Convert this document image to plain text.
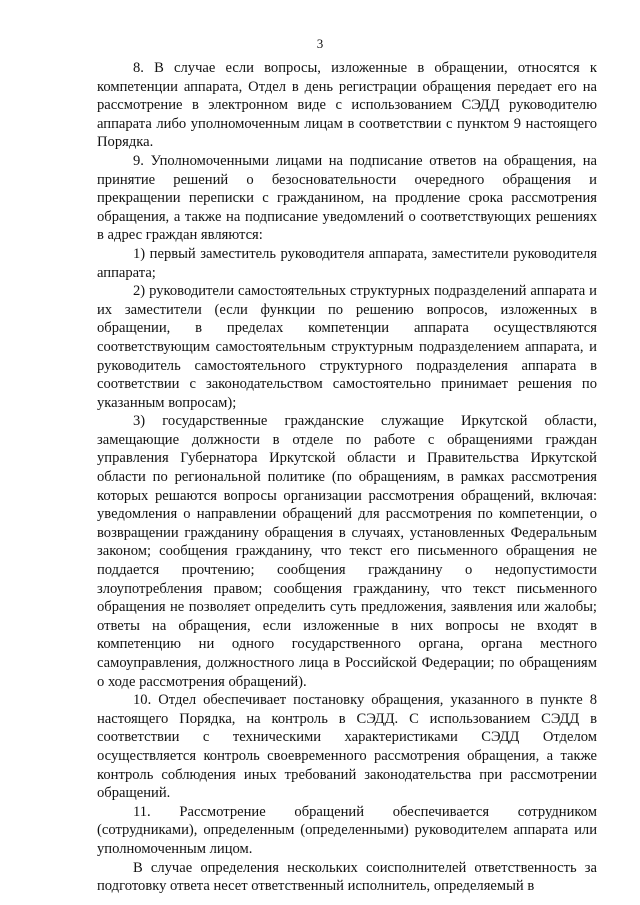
3

8. В случае если вопросы, изложенные в обращении, относятся к компетенции аппарата, Отдел в день регистрации обращения передает его на рассмотрение в электронном виде с использованием СЭДД руководителю аппарата либо уполномоченным лицам в соответствии с пунктом 9 настоящего Порядка.

9. Уполномоченными лицами на подписание ответов на обращения, на принятие решений о безосновательности очередного обращения и прекращении переписки с гражданином, на продление срока рассмотрения обращения, а также на подписание уведомлений о соответствующих решениях в адрес граждан являются:

1) первый заместитель руководителя аппарата, заместители руководителя аппарата;

2) руководители самостоятельных структурных подразделений аппарата и их заместители (если функции по решению вопросов, изложенных в обращении, в пределах компетенции аппарата осуществляются соответствующим самостоятельным структурным подразделением аппарата, и руководитель самостоятельного структурного подразделения аппарата в соответствии с законодательством самостоятельно принимает решения по указанным вопросам);

3) государственные гражданские служащие Иркутской области, замещающие должности в отделе по работе с обращениями граждан управления Губернатора Иркутской области и Правительства Иркутской области по региональной политике (по обращениям, в рамках рассмотрения которых решаются вопросы организации рассмотрения обращений, включая: уведомления о направлении обращений для рассмотрения по компетенции, о возвращении гражданину обращения в случаях, установленных Федеральным законом; сообщения гражданину, что текст его письменного обращения не поддается прочтению; сообщения гражданину о недопустимости злоупотребления правом; сообщения гражданину, что текст письменного обращения не позволяет определить суть предложения, заявления или жалобы; ответы на обращения, если изложенные в них вопросы не входят в компетенцию ни одного государственного органа, органа местного самоуправления, должностного лица в Российской Федерации; по обращениям о ходе рассмотрения обращений).

10. Отдел обеспечивает постановку обращения, указанного в пункте 8 настоящего Порядка, на контроль в СЭДД. С использованием СЭДД в соответствии с техническими характеристиками СЭДД Отделом осуществляется контроль своевременного рассмотрения обращения, а также контроль соблюдения иных требований законодательства при рассмотрении обращений.

11. Рассмотрение обращений обеспечивается сотрудником (сотрудниками), определенным (определенными) руководителем аппарата или уполномоченным лицом.

В случае определения нескольких соисполнителей ответственность за подготовку ответа несет ответственный исполнитель, определяемый в
